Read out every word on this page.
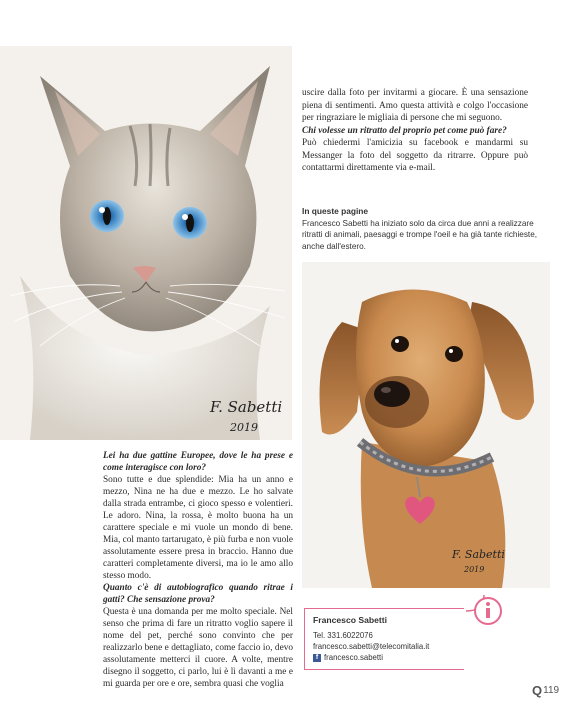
F. Sabetti
2019

uscire dalla foto per invitarmi a giocare. È una sensazione piena di sentimenti. Amo questa attività e colgo l'occasione per ringraziare le migliaia di persone che mi seguono.

Chi volesse un ritratto del proprio pet come può fare?

Può chiedermi l'amicizia su facebook e mandarmi su Messanger la foto del soggetto da ritrarre. Oppure può contattarmi direttamente via e-mail.

In queste pagine
Francesco Sabetti ha iniziato solo da circa due anni a realizzare ritratti di animali, paesaggi e trompe l'oeil e ha già tante richieste, anche dall'estero.
F. Sabetti
2019

Lei ha due gattine Europee, dove le ha prese e come interagisce con loro?

Sono tutte e due splendide: Mia ha un anno e mezzo, Nina ne ha due e mezzo. Le ho salvate dalla strada entrambe, ci gioco spesso e volentieri. Le adoro. Nina, la rossa, è molto buona ha un carattere speciale e mi vuole un mondo di bene. Mia, col manto tartarugato, è più furba e non vuole assolutamente essere presa in braccio. Hanno due caratteri completamente diversi, ma io le amo allo stesso modo.

Quanto c'è di autobiografico quando ritrae i gatti? Che sensazione prova?

Questa è una domanda per me molto speciale. Nel senso che prima di fare un ritratto voglio sapere il nome del pet, perché sono convinto che per realizzarlo bene e dettagliato, come faccio io, devo assolutamente metterci il cuore. A volte, mentre disegno il soggetto, ci parlo, lui è lì davanti a me e mi guarda per ore e ore, sembra quasi che voglia

Francesco Sabetti
Tel. 331.6022076
francesco.sabetti@telecomitalia.it
f francesco.sabetti
Q 119
